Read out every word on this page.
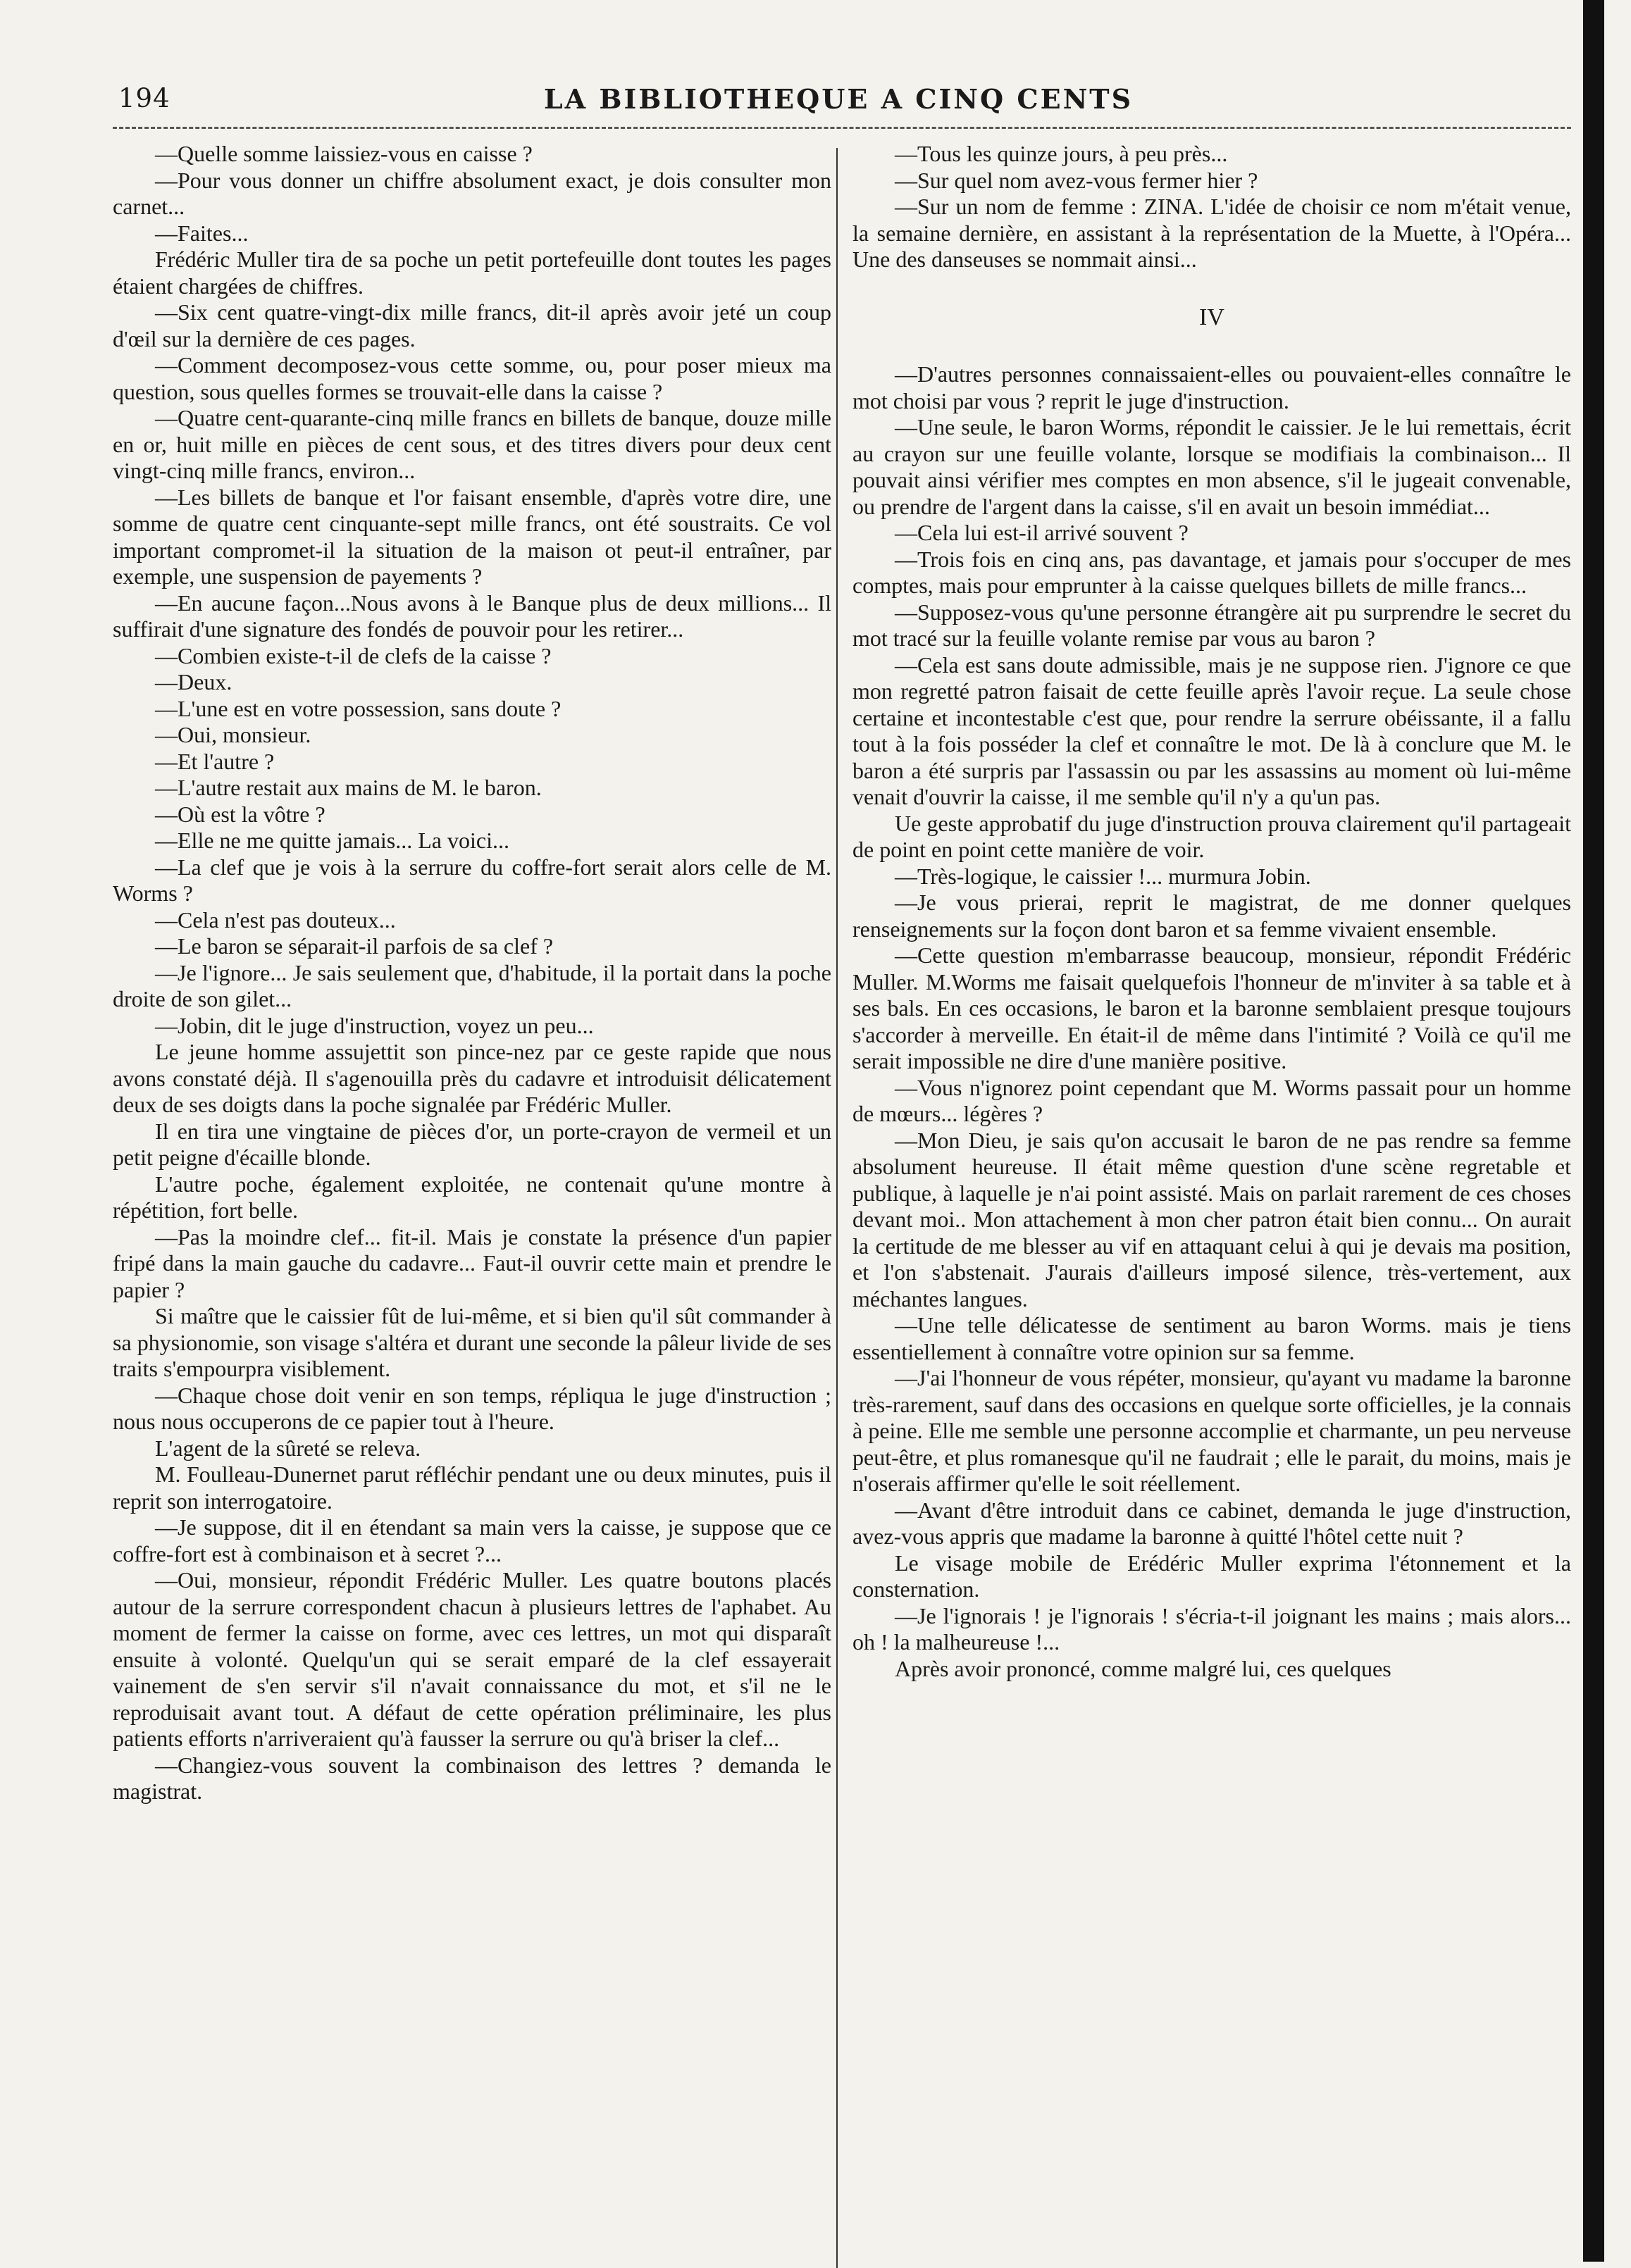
194	LA BIBLIOTHEQUE A CINQ CENTS

—Quelle somme laissiez-vous en caisse ?

—Pour vous donner un chiffre absolument exact, je dois consulter mon carnet...

—Faites...

Frédéric Muller tira de sa poche un petit portefeuille dont toutes les pages étaient chargées de chiffres.

—Six cent quatre-vingt-dix mille francs, dit-il après avoir jeté un coup d'œil sur la dernière de ces pages.

—Comment decomposez-vous cette somme, ou, pour poser mieux ma question, sous quelles formes se trouvait-elle dans la caisse ?

—Quatre cent-quarante-cinq mille francs en billets de banque, douze mille en or, huit mille en pièces de cent sous, et des titres divers pour deux cent vingt-cinq mille francs, environ...

—Les billets de banque et l'or faisant ensemble, d'après votre dire, une somme de quatre cent cinquante-sept mille francs, ont été soustraits. Ce vol important compromet-il la situation de la maison ot peut-il entraîner, par exemple, une suspension de payements ?

—En aucune façon...Nous avons à le Banque plus de deux millions... Il suffirait d'une signature des fondés de pouvoir pour les retirer...

—Combien existe-t-il de clefs de la caisse ?

—Deux.

—L'une est en votre possession, sans doute ?

—Oui, monsieur.

—Et l'autre ?

—L'autre restait aux mains de M. le baron.

—Où est la vôtre ?

—Elle ne me quitte jamais... La voici...

—La clef que je vois à la serrure du coffre-fort serait alors celle de M. Worms ?

—Cela n'est pas douteux...

—Le baron se séparait-il parfois de sa clef ?

—Je l'ignore... Je sais seulement que, d'habitude, il la portait dans la poche droite de son gilet...

—Jobin, dit le juge d'instruction, voyez un peu...

Le jeune homme assujettit son pince-nez par ce geste rapide que nous avons constaté déjà. Il s'agenouilla près du cadavre et introduisit délicatement deux de ses doigts dans la poche signalée par Frédéric Muller.

Il en tira une vingtaine de pièces d'or, un porte-crayon de vermeil et un petit peigne d'écaille blonde.

L'autre poche, également exploitée, ne contenait qu'une montre à répétition, fort belle.

—Pas la moindre clef... fit-il. Mais je constate la présence d'un papier fripé dans la main gauche du cadavre... Faut-il ouvrir cette main et prendre le papier ?

Si maître que le caissier fût de lui-même, et si bien qu'il sût commander à sa physionomie, son visage s'altéra et durant une seconde la pâleur livide de ses traits s'empourpra visiblement.

—Chaque chose doit venir en son temps, répliqua le juge d'instruction ; nous nous occuperons de ce papier tout à l'heure.

L'agent de la sûreté se releva.

M. Foulleau-Dunernet parut réfléchir pendant une ou deux minutes, puis il reprit son interrogatoire.

—Je suppose, dit il en étendant sa main vers la caisse, je suppose que ce coffre-fort est à combinaison et à secret ?...

—Oui, monsieur, répondit Frédéric Muller. Les quatre boutons placés autour de la serrure correspondent chacun à plusieurs lettres de l'aphabet. Au moment de fermer la caisse on forme, avec ces lettres, un mot qui disparaît ensuite à volonté. Quelqu'un qui se serait emparé de la clef essayerait vainement de s'en servir s'il n'avait connaissance du mot, et s'il ne le reproduisait avant tout. A défaut de cette opération préliminaire, les plus patients efforts n'arriveraient qu'à fausser la serrure ou qu'à briser la clef...

—Changiez-vous souvent la combinaison des lettres ? demanda le magistrat.

—Tous les quinze jours, à peu près...

—Sur quel nom avez-vous fermer hier ?

—Sur un nom de femme : ZINA. L'idée de choisir ce nom m'était venue, la semaine dernière, en assistant à la représentation de la Muette, à l'Opéra... Une des danseuses se nommait ainsi...

IV

—D'autres personnes connaissaient-elles ou pouvaient-elles connaître le mot choisi par vous ? reprit le juge d'instruction.

—Une seule, le baron Worms, répondit le caissier. Je le lui remettais, écrit au crayon sur une feuille volante, lorsque se modifiais la combinaison... Il pouvait ainsi vérifier mes comptes en mon absence, s'il le jugeait convenable, ou prendre de l'argent dans la caisse, s'il en avait un besoin immédiat...

—Cela lui est-il arrivé souvent ?

—Trois fois en cinq ans, pas davantage, et jamais pour s'occuper de mes comptes, mais pour emprunter à la caisse quelques billets de mille francs...

—Supposez-vous qu'une personne étrangère ait pu surprendre le secret du mot tracé sur la feuille volante remise par vous au baron ?

—Cela est sans doute admissible, mais je ne suppose rien. J'ignore ce que mon regretté patron faisait de cette feuille après l'avoir reçue. La seule chose certaine et incontestable c'est que, pour rendre la serrure obéissante, il a fallu tout à la fois posséder la clef et connaître le mot. De là à conclure que M. le baron a été surpris par l'assassin ou par les assassins au moment où lui-même venait d'ouvrir la caisse, il me semble qu'il n'y a qu'un pas.

Ue geste approbatif du juge d'instruction prouva clairement qu'il partageait de point en point cette manière de voir.

—Très-logique, le caissier !... murmura Jobin.

—Je vous prierai, reprit le magistrat, de me donner quelques renseignements sur la foçon dont baron et sa femme vivaient ensemble.

—Cette question m'embarrasse beaucoup, monsieur, répondit Frédéric Muller. M.Worms me faisait quelquefois l'honneur de m'inviter à sa table et à ses bals. En ces occasions, le baron et la baronne semblaient presque toujours s'accorder à merveille. En était-il de même dans l'intimité ? Voilà ce qu'il me serait impossible ne dire d'une manière positive.

—Vous n'ignorez point cependant que M. Worms passait pour un homme de mœurs... légères ?

—Mon Dieu, je sais qu'on accusait le baron de ne pas rendre sa femme absolument heureuse. Il était même question d'une scène regretable et publique, à laquelle je n'ai point assisté. Mais on parlait rarement de ces choses devant moi.. Mon attachement à mon cher patron était bien connu... On aurait la certitude de me blesser au vif en attaquant celui à qui je devais ma position, et l'on s'abstenait. J'aurais d'ailleurs imposé silence, très-vertement, aux méchantes langues.

—Une telle délicatesse de sentiment au baron Worms. mais je tiens essentiellement à connaître votre opinion sur sa femme.

—J'ai l'honneur de vous répéter, monsieur, qu'ayant vu madame la baronne très-rarement, sauf dans des occasions en quelque sorte officielles, je la connais à peine. Elle me semble une personne accomplie et charmante, un peu nerveuse peut-être, et plus romanesque qu'il ne faudrait ; elle le parait, du moins, mais je n'oserais affirmer qu'elle le soit réellement.

—Avant d'être introduit dans ce cabinet, demanda le juge d'instruction, avez-vous appris que madame la baronne à quitté l'hôtel cette nuit ?

Le visage mobile de Erédéric Muller exprima l'étonnement et la consternation.

—Je l'ignorais ! je l'ignorais ! s'écria-t-il joignant les mains ; mais alors... oh ! la malheureuse !...

Après avoir prononcé, comme malgré lui, ces quelques
